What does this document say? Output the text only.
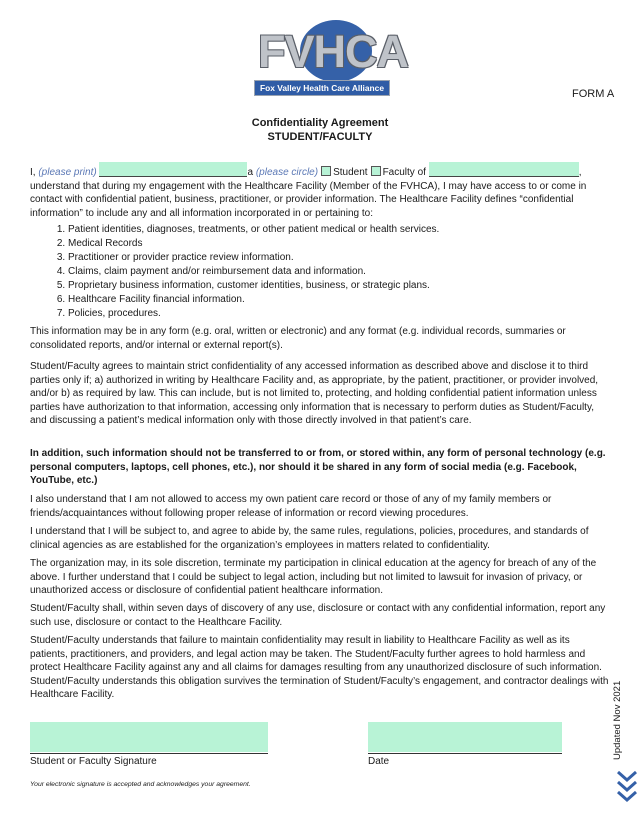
FVHCA
Fox Valley Health Care Alliance	FORM A
Confidentiality Agreement
STUDENT/FACULTY
I, (please print)	a (please circle) Student Faculty of	,
understand that during my engagement with the Healthcare Facility (Member of the FVHCA), I may have access to or come in contact with confidential patient, business, practitioner, or provider information. The Healthcare Facility defines “confidential information” to include any and all information incorporated in or pertaining to:
1. Patient identities, diagnoses, treatments, or other patient medical or health services.
2. Medical Records
3. Practitioner or provider practice review information.
4. Claims, claim payment and/or reimbursement data and information.
5. Proprietary business information, customer identities, business, or strategic plans.
6. Healthcare Facility financial information.
7. Policies, procedures.

This information may be in any form (e.g. oral, written or electronic) and any format (e.g. individual records, summaries or consolidated reports, and/or internal or external report(s).

Student/Faculty agrees to maintain strict confidentiality of any accessed information as described above and disclose it to third parties only if; a) authorized in writing by Healthcare Facility and, as appropriate, by the patient, practitioner, or provider involved, and/or b) as required by law. This can include, but is not limited to, protecting, and holding confidential patient information unless parties have authorization to that information, accessing only information that is necessary to perform duties as Student/Faculty, and discussing a patient’s medical information only with those directly involved in that patient’s care.

In addition, such information should not be transferred to or from, or stored within, any form of personal technology (e.g. personal computers, laptops, cell phones, etc.), nor should it be shared in any form of social media (e.g. Facebook, YouTube, etc.)

I also understand that I am not allowed to access my own patient care record or those of any of my family members or friends/acquaintances without following proper release of information or record viewing procedures.

I understand that I will be subject to, and agree to abide by, the same rules, regulations, policies, procedures, and standards of clinical agencies as are established for the organization’s employees in matters related to confidentiality.

The organization may, in its sole discretion, terminate my participation in clinical education at the agency for breach of any of the above. I further understand that I could be subject to legal action, including but not limited to lawsuit for invasion of privacy, or unauthorized access or disclosure of confidential patient healthcare information.

Student/Faculty shall, within seven days of discovery of any use, disclosure or contact with any confidential information, report any such use, disclosure or contact to the Healthcare Facility.

Student/Faculty understands that failure to maintain confidentiality may result in liability to Healthcare Facility as well as its patients, practitioners, and providers, and legal action may be taken. The Student/Faculty further agrees to hold harmless and protect Healthcare Facility against any and all claims for damages resulting from any unauthorized disclosure of such information. Student/Faculty understands this obligation survives the termination of Student/Faculty’s engagement, and contractor dealings with Healthcare Facility.

Student or Faculty Signature	Date
Your electronic signature is accepted and acknowledges your agreement.
Updated Nov 2021
